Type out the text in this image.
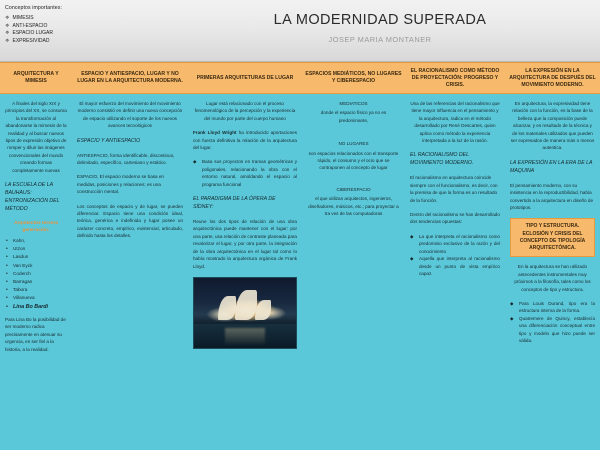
Conceptos importantes:
❖ MIMESIS
❖ ANTI-ESPACIO
❖ ESPACIO LUGAR
❖ EXPRESIVIDAD
LA MODERNIDAD SUPERADA
JOSEP MARIA MONTANER
ARQUITECTURA Y MIMESIS
ESPACIO Y ANTIESPACIO, LUGAR Y NO LUGAR EN LA ARQUITECTURA MODERNA.
PRIMERAS ARQUITETURAS DE LUGAR
ESPACIOS MEDIÁTICOS, NO LUGARES Y CIBERESPACIO
EL RACIONALISMO COMO MÉTODO DE PROYECTACIÓN: PROGRESO Y CRISIS.
LA EXPRESIÓN EN LA ARQUITECTURA DE DESPUÉS DEL MOVIMIENTO MODERNO.
A finales del siglo XIX y principios del XX, se consuma la transformación al abandonarse la mimesis de la realidad y al buscar nuevos tipos de expresión objetivo de romper y diluir las imágenes convencionales del mundo creando formas completamente nuevas
LA ESCUELA DE LA BAUHAUS: ENTRONIZACIÓN DEL MÉTODO
Arquitectos tercera generación:
• Kahn,
• Utzon
• Lasdun
• Van Eyck
• Coderch
• Barragan
• Tabora
• Villanueva
• Lina Bo Bardi
Para Lina Bo la posibilidad de ser moderno radica precisamente en atenuar su urgencia, en ser fiel a la historia, a la realidad.
El mayor esfuerzo del movimiento del movimiento moderno consistió en definir una nueva concepción de espacio utilizando el soporte de los nuevos avances tecnológicos
ESPACIO Y ANTIESPACIO
ANTIESPACIO, forma identificable, discontinuo, delimitado, específico, cartesiano y estático.
ESPACIO, El espacio moderno se basa en medidas, posiciones y relaciones; es una construcción mental.
Los conceptos de espacio y de lugar, se pueden diferenciar. Espacio tiene una condición ideal, teórica, genérica e indefinida y lugar posee un carácter concreto, empírico, existencial, articulado, definido hasta los detalles.
Lugar está relacionado con el proceso fenomenológico de la percepción y la experiencia del mundo por parte del cuerpo humano
Frank Lloyd Wright ha introducido aportaciones con fuerza definitiva la relación de la arquitectura del lugar.
◆ Basa sus proyectos en tramas geométricas y poligonales, relacionando la obra con el entorno natural, amoldando el espacio al programa funcional
EL PARADIGMA DE LA ÓPERA DE SÍDNEY:
Reune los dos tipos de relación de una obra arquitectónica puede mantener con el lugar: por una parte, usa relación de contraste planeada para revalorizar el lugar, y por otra parte, la integración de la obra arquitectónica en el lugar tal como lo había mostrado la arquitectura orgánica de Frank Lloyd.
MEDIATICOS
donde el espacio físico ya no es predominante,
NO LUGARES
son espacios relacionados con el transporte rápido, el consumo y el ocio que se contraponen al concepto de lugar
CIBERESPACIO
el que utilizan arquitectos, ingenieros, diseñadores, músicos, etc.; para proyectar a tra ves de las computadoras
Una de las referencias del racionalismo que tiene mayor influencia en el pensamiento y la arquitectura, radica en el método desarrollado por René Descartes, quien aplica como método la experiencia interpretada a la luz de la rasón.
EL RACIONALISMO DEL MOVIMIENTO MODERNO.
El racionalismo en arquitectura coincide siempre con el funcionalismo, es decir, con la premisa de que la forma es un resultado de la función.
Dentro del racionalismo se han desarrollado dos tendencias opuestas:
◆ La que interpreta el racionalismo como predominio exclusivo de la razón y del conocimiento
◆ Aquella que interpreta al racionalismo desde un punto de vista empírico capaz.
En arquitectura, la expresividad tiene relación con la función, es la base de la belleza que la composición puede alcanzar, y es resultado de la técnica y de los materiales utilizados que pueden ser expresados de manera más o menos autentica.
LA EXPRESIÓN EN LA ERA DE LA MAQUINA
El pensamiento moderno, con su insistencia en la reproductibilidad, había convertido a la arquitectura en diseño de prototipos.
TIPO Y ESTRUCTURA. ECLOSIÓN Y CRISIS DEL CONCEPTO DE TIPOLOGÍA ARQUITECTÓNICA.
En la arquitectura se han utilizado antecedentes instrumentales muy próximos a la filosofía, tales como los conceptos de tipo y estructura.
◆ Para Louis Durand, tipo era la estructura interna de la forma.
◆ Quatremere de Quincy, establecía una diferenciación conceptual entre tipo y modelo que hizo puede ser válida.
